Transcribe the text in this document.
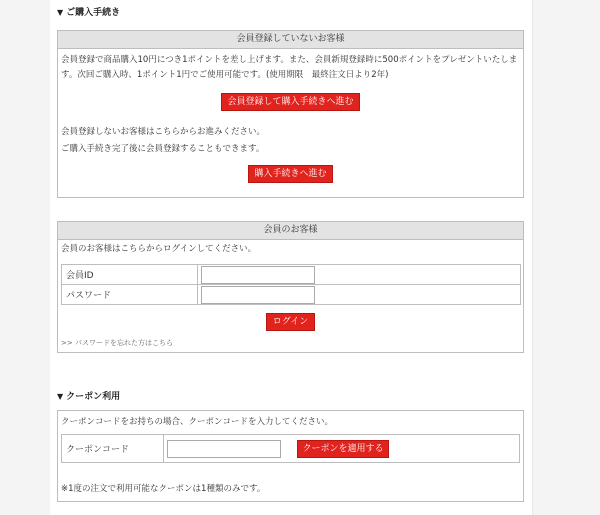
▼ ご購入手続き
会員登録していないお客様
会員登録で商品購入10円につき1ポイントを差し上げます。また、会員新規登録時に500ポイントをプレゼントいたしま
す。次回ご購入時、1ポイント1円でご使用可能です。(使用期限　最終注文日より2年)
会員登録して購入手続きへ進む
会員登録しないお客様はこちらからお進みください。
ご購入手続き完了後に会員登録することもできます。
購入手続きへ進む
会員のお客様
会員のお客様はこちらからログインしてください。
会員ID	

パスワード	
ログイン
>> パスワードを忘れた方はこちら
▼ クーポン利用
クーポンコードをお持ちの場合、クーポンコードを入力してください。
クーポンコード	クーポンを適用する
※1度の注文で利用可能なクーポンは1種類のみです。
